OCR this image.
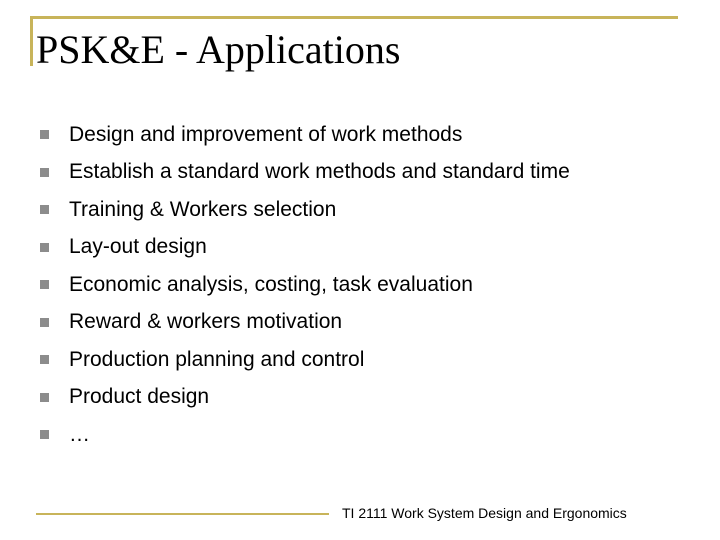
PSK&E - Applications
Design and improvement of work methods
Establish a standard work methods and standard time
Training & Workers selection
Lay-out design
Economic analysis, costing, task evaluation
Reward & workers motivation
Production planning and control
Product design
…
TI 2111 Work System Design and Ergonomics
